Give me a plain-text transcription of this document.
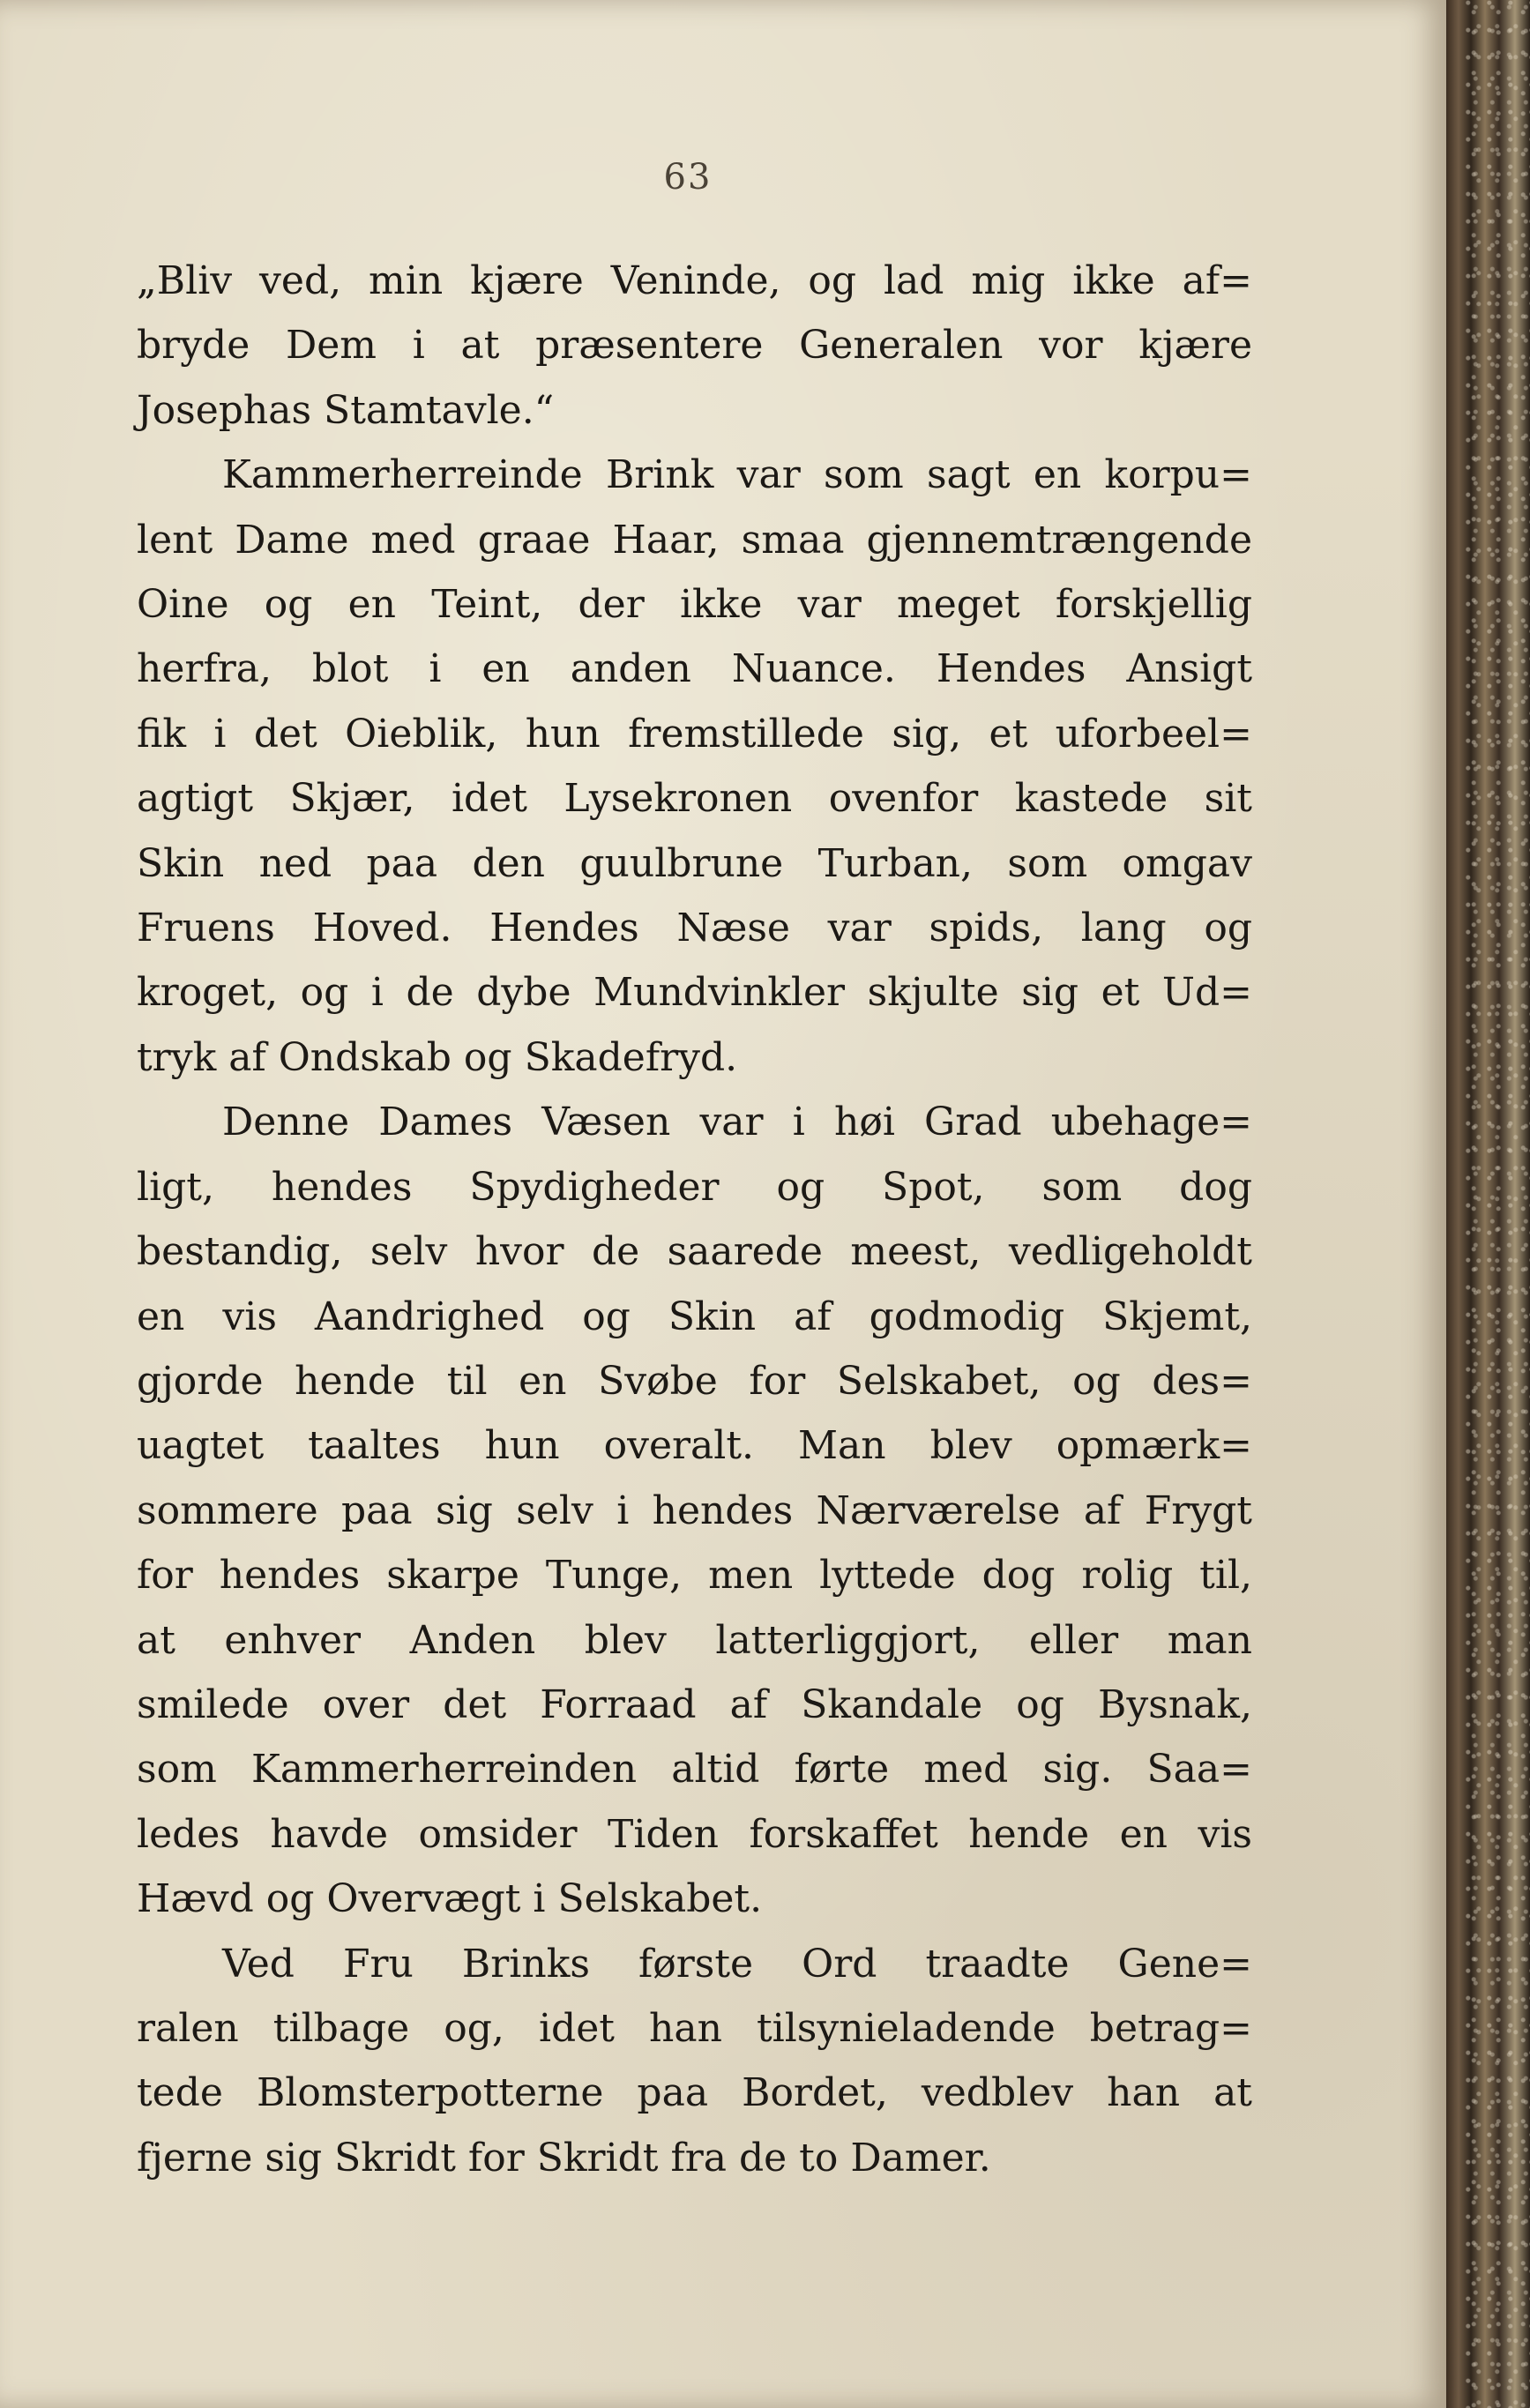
63
„Bliv ved, min kjære Veninde, og lad mig ikke af=
bryde Dem i at præsentere Generalen vor kjære
Josephas Stamtavle.“
Kammerherreinde Brink var som sagt en korpu=
lent Dame med graae Haar, smaa gjennemtrængende
Oine og en Teint, der ikke var meget forskjellig
herfra, blot i en anden Nuance. Hendes Ansigt
fik i det Oieblik, hun fremstillede sig, et uforbeel=
agtigt Skjær, idet Lysekronen ovenfor kastede sit
Skin ned paa den guulbrune Turban, som omgav
Fruens Hoved. Hendes Næse var spids, lang og
kroget, og i de dybe Mundvinkler skjulte sig et Ud=
tryk af Ondskab og Skadefryd.
Denne Dames Væsen var i høi Grad ubehage=
ligt, hendes Spydigheder og Spot, som dog
bestandig, selv hvor de saarede meest, vedligeholdt
en vis Aandrighed og Skin af godmodig Skjemt,
gjorde hende til en Svøbe for Selskabet, og des=
uagtet taaltes hun overalt. Man blev opmærk=
sommere paa sig selv i hendes Nærværelse af Frygt
for hendes skarpe Tunge, men lyttede dog rolig til,
at enhver Anden blev latterliggjort, eller man
smilede over det Forraad af Skandale og Bysnak,
som Kammerherreinden altid førte med sig. Saa=
ledes havde omsider Tiden forskaffet hende en vis
Hævd og Overvægt i Selskabet.
Ved Fru Brinks første Ord traadte Gene=
ralen tilbage og, idet han tilsynieladende betrag=
tede Blomsterpotterne paa Bordet, vedblev han at
fjerne sig Skridt for Skridt fra de to Damer.
